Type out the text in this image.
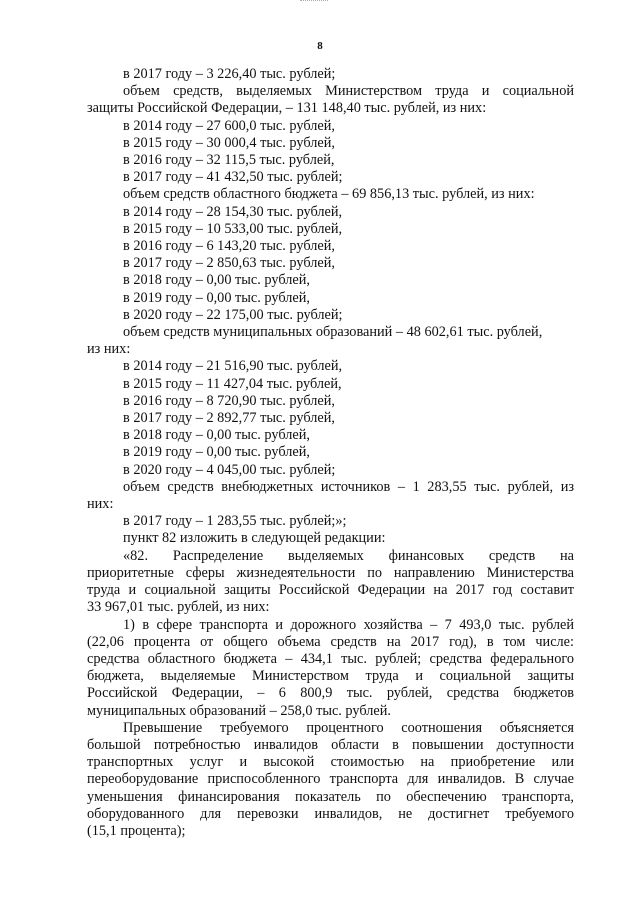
8
в 2017 году – 3 226,40 тыс. рублей;
объем средств, выделяемых Министерством труда и социальной
защиты Российской Федерации, – 131 148,40 тыс. рублей, из них:
в 2014 году – 27 600,0 тыс. рублей,
в 2015 году – 30 000,4 тыс. рублей,
в 2016 году – 32 115,5 тыс. рублей,
в 2017 году – 41 432,50 тыс. рублей;
объем средств областного бюджета – 69 856,13 тыс. рублей, из них:
в 2014 году – 28 154,30 тыс. рублей,
в 2015 году – 10 533,00 тыс. рублей,
в 2016 году – 6 143,20 тыс. рублей,
в 2017 году – 2 850,63 тыс. рублей,
в 2018 году – 0,00 тыс. рублей,
в 2019 году – 0,00 тыс. рублей,
в 2020 году – 22 175,00 тыс. рублей;
объем средств муниципальных образований – 48 602,61 тыс. рублей,
из них:
в 2014 году – 21 516,90 тыс. рублей,
в 2015 году – 11 427,04 тыс. рублей,
в 2016 году – 8 720,90 тыс. рублей,
в 2017 году – 2 892,77 тыс. рублей,
в 2018 году – 0,00 тыс. рублей,
в 2019 году – 0,00 тыс. рублей,
в 2020 году – 4 045,00 тыс. рублей;
объем средств внебюджетных источников – 1 283,55 тыс. рублей, из
них:
в 2017 году – 1 283,55 тыс. рублей;»;
пункт 82 изложить в следующей редакции:
«82. Распределение выделяемых финансовых средств на
приоритетные сферы жизнедеятельности по направлению Министерства
труда и социальной защиты Российской Федерации на 2017 год составит
33 967,01 тыс. рублей, из них:
1) в сфере транспорта и дорожного хозяйства – 7 493,0 тыс. рублей
(22,06 процента от общего объема средств на 2017 год), в том числе:
средства областного бюджета – 434,1 тыс. рублей; средства федерального
бюджета, выделяемые Министерством труда и социальной защиты
Российской Федерации, – 6 800,9 тыс. рублей, средства бюджетов
муниципальных образований – 258,0 тыс. рублей.
Превышение требуемого процентного соотношения объясняется
большой потребностью инвалидов области в повышении доступности
транспортных услуг и высокой стоимостью на приобретение или
переоборудование приспособленного транспорта для инвалидов. В случае
уменьшения финансирования показатель по обеспечению транспорта,
оборудованного для перевозки инвалидов, не достигнет требуемого
(15,1 процента);
